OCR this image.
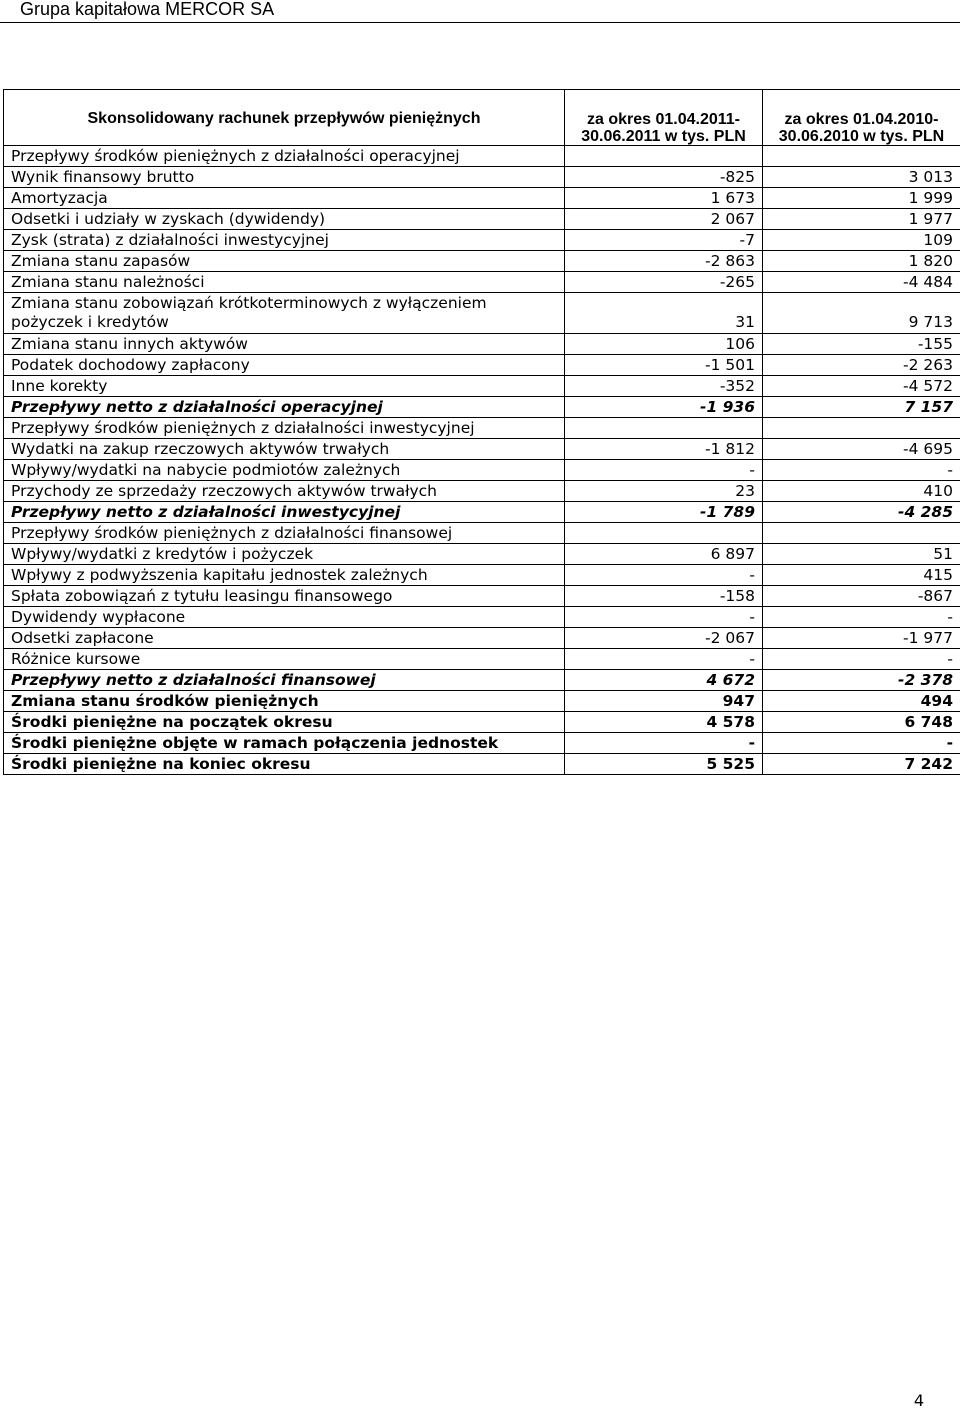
Grupa kapitałowa MERCOR SA
Skonsolidowany rachunek przepływów pieniężnych	za okres 01.04.2011-30.06.2011 w tys. PLN	za okres 01.04.2010-30.06.2010 w tys. PLN
Przepływy środków pieniężnych z działalności operacyjnej		
Wynik finansowy brutto	-825	3 013
Amortyzacja	1 673	1 999
Odsetki i udziały w zyskach (dywidendy)	2 067	1 977
Zysk (strata) z działalności inwestycyjnej	-7	109
Zmiana stanu zapasów	-2 863	1 820
Zmiana stanu należności	-265	-4 484
Zmiana stanu zobowiązań krótkoterminowych z wyłączeniem pożyczek i kredytów	31	9 713
Zmiana stanu innych aktywów	106	-155
Podatek dochodowy zapłacony	-1 501	-2 263
Inne korekty	-352	-4 572
Przepływy netto z działalności operacyjnej	-1 936	7 157
Przepływy środków pieniężnych z działalności inwestycyjnej		
Wydatki na zakup rzeczowych aktywów trwałych	-1 812	-4 695
Wpływy/wydatki na nabycie podmiotów zależnych	-	-
Przychody ze sprzedaży rzeczowych aktywów trwałych	23	410
Przepływy netto z działalności inwestycyjnej	-1 789	-4 285
Przepływy środków pieniężnych z działalności finansowej		
Wpływy/wydatki z kredytów i pożyczek	6 897	51
Wpływy z podwyższenia kapitału jednostek zależnych	-	415
Spłata zobowiązań z tytułu leasingu finansowego	-158	-867
Dywidendy wypłacone	-	-
Odsetki zapłacone	-2 067	-1 977
Różnice kursowe	-	-
Przepływy netto z działalności finansowej	4 672	-2 378
Zmiana stanu środków pieniężnych	947	494
Środki pieniężne na początek okresu	4 578	6 748
Środki pieniężne objęte w ramach połączenia jednostek	-	-
Środki pieniężne na koniec okresu	5 525	7 242
4
